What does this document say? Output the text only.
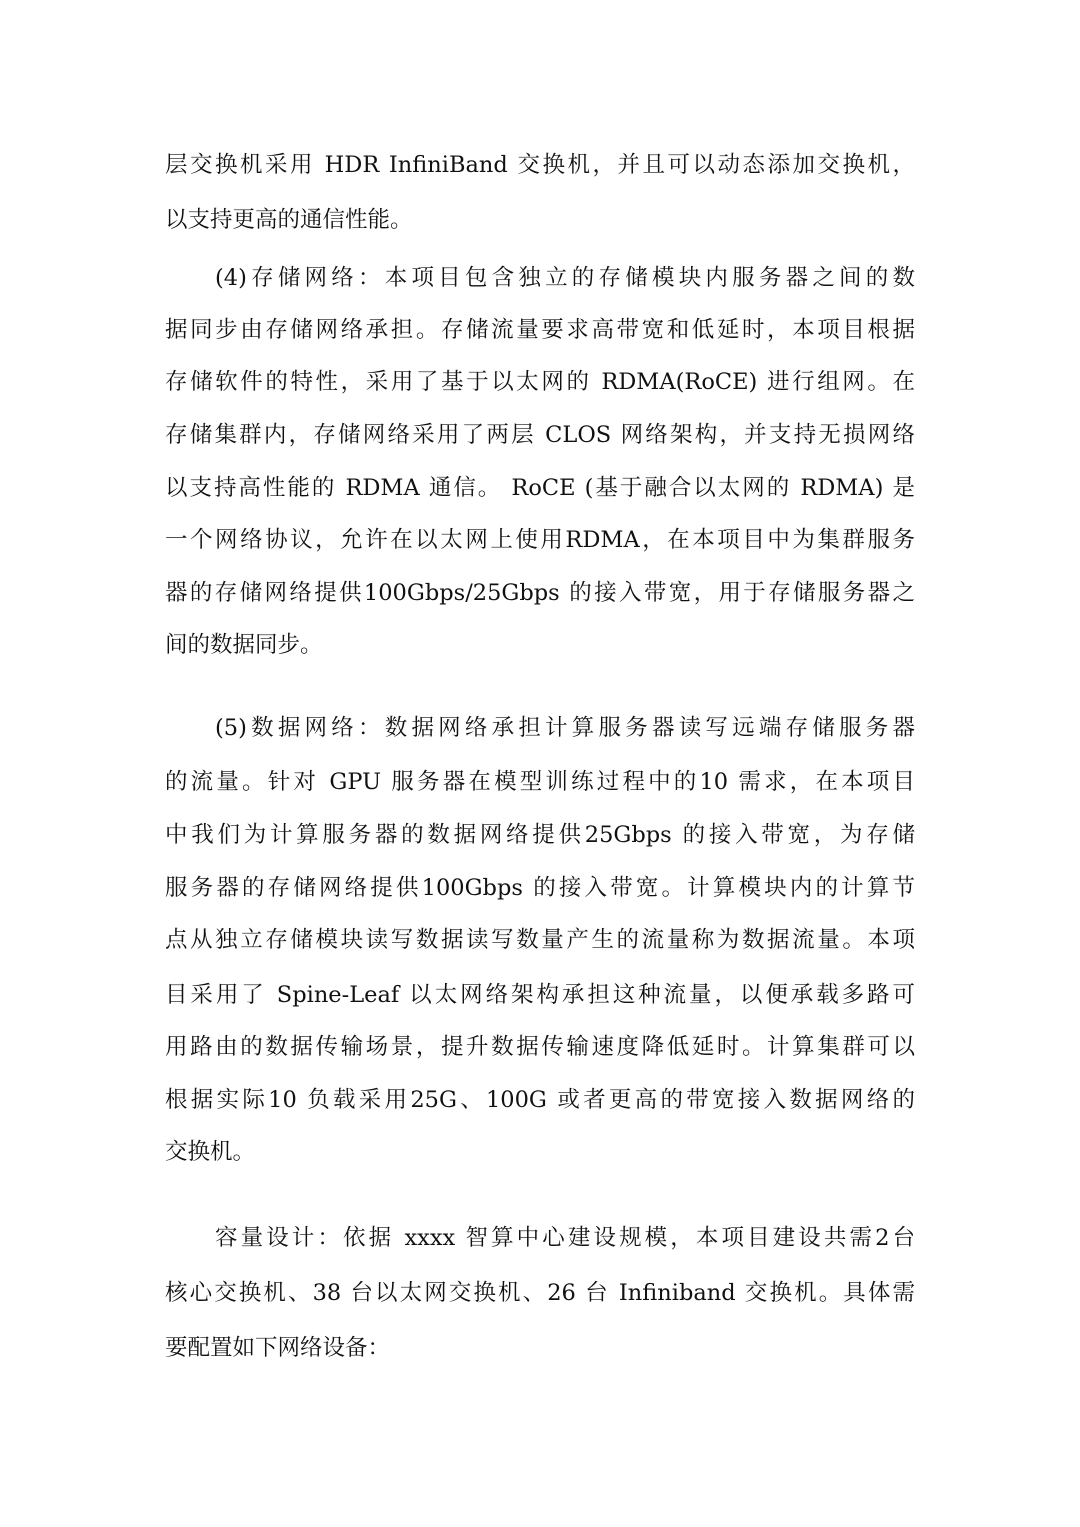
层交换机采用 HDR InfiniBand 交换机，并且可以动态添加交换机，
以支持更高的通信性能。
(4)存储网络：本项目包含独立的存储模块内服务器之间的数
据同步由存储网络承担。存储流量要求高带宽和低延时，本项目根据
存储软件的特性，采用了基于以太网的 RDMA(RoCE) 进行组网。在
存储集群内，存储网络采用了两层 CLOS 网络架构，并支持无损网络
以支持高性能的 RDMA 通信。 RoCE (基于融合以太网的 RDMA) 是
一个网络协议，允许在以太网上使用RDMA，在本项目中为集群服务
器的存储网络提供100Gbps/25Gbps 的接入带宽，用于存储服务器之
间的数据同步。
(5)数据网络：数据网络承担计算服务器读写远端存储服务器
的流量。针对 GPU 服务器在模型训练过程中的10 需求，在本项目
中我们为计算服务器的数据网络提供25Gbps 的接入带宽，为存储
服务器的存储网络提供100Gbps 的接入带宽。计算模块内的计算节
点从独立存储模块读写数据读写数量产生的流量称为数据流量。本项
目采用了 Spine-Leaf 以太网络架构承担这种流量，以便承载多路可
用路由的数据传输场景，提升数据传输速度降低延时。计算集群可以
根据实际10 负载采用25G、100G 或者更高的带宽接入数据网络的
交换机。
容量设计：依据 xxxx 智算中心建设规模，本项目建设共需2台
核心交换机、38 台以太网交换机、26 台 Infiniband 交换机。具体需
要配置如下网络设备：
